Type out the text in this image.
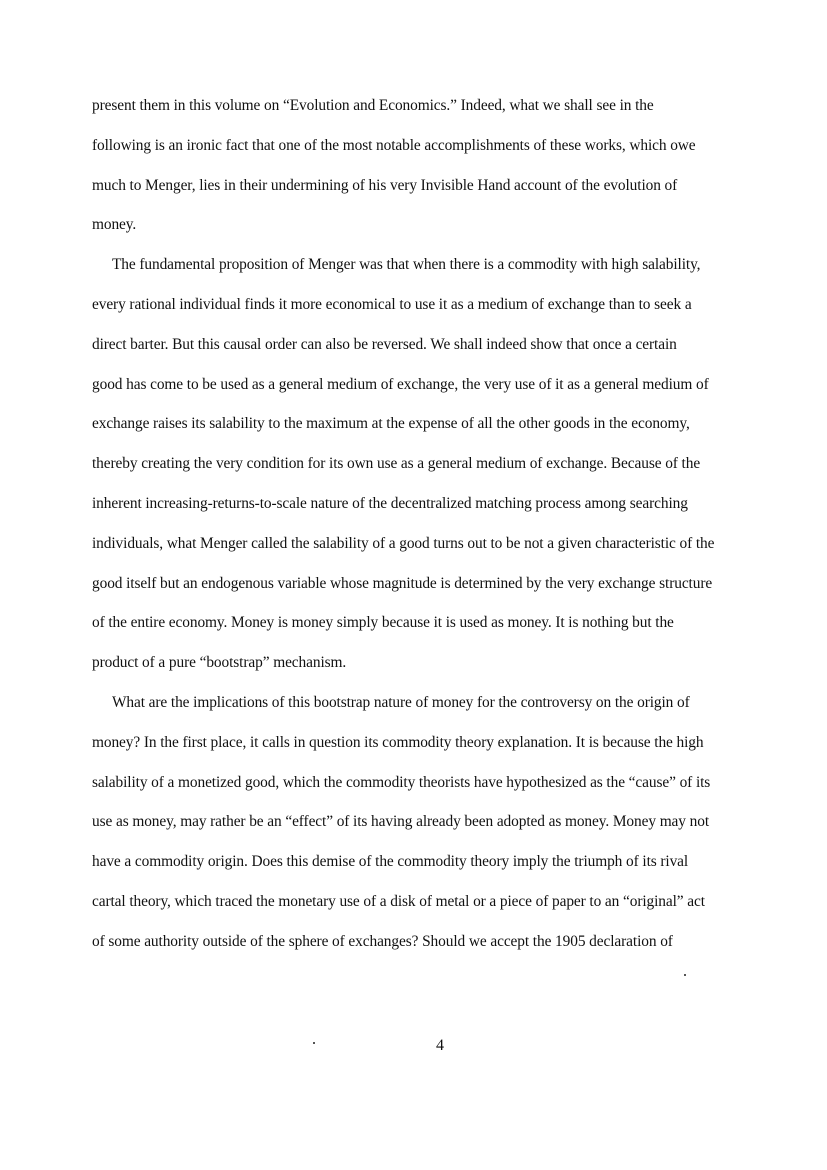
present them in this volume on “Evolution and Economics.” Indeed, what we shall see in the
following is an ironic fact that one of the most notable accomplishments of these works, which owe
much to Menger, lies in their undermining of his very Invisible Hand account of the evolution of
money.
The fundamental proposition of Menger was that when there is a commodity with high salability,
every rational individual finds it more economical to use it as a medium of exchange than to seek a
direct barter. But this causal order can also be reversed. We shall indeed show that once a certain
good has come to be used as a general medium of exchange, the very use of it as a general medium of
exchange raises its salability to the maximum at the expense of all the other goods in the economy,
thereby creating the very condition for its own use as a general medium of exchange. Because of the
inherent increasing-returns-to-scale nature of the decentralized matching process among searching
individuals, what Menger called the salability of a good turns out to be not a given characteristic of the
good itself but an endogenous variable whose magnitude is determined by the very exchange structure
of the entire economy. Money is money simply because it is used as money. It is nothing but the
product of a pure “bootstrap” mechanism.
What are the implications of this bootstrap nature of money for the controversy on the origin of
money? In the first place, it calls in question its commodity theory explanation. It is because the high
salability of a monetized good, which the commodity theorists have hypothesized as the “cause” of its
use as money, may rather be an “effect” of its having already been adopted as money. Money may not
have a commodity origin. Does this demise of the commodity theory imply the triumph of its rival
cartal theory, which traced the monetary use of a disk of metal or a piece of paper to an “original” act
of some authority outside of the sphere of exchanges? Should we accept the 1905 declaration of
4
